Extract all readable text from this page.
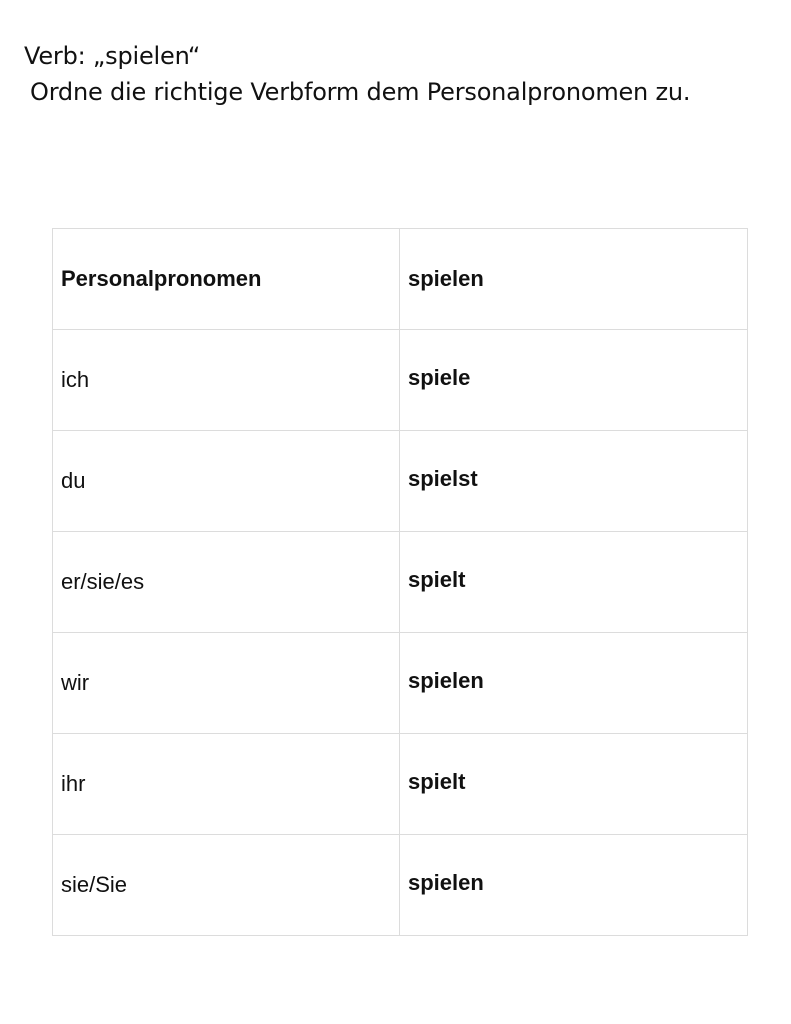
Verb: „spielen“
Ordne die richtige Verbform dem Personalpronomen zu.
Personalpronomen	spielen
ich	spiele
du	spielst
er/sie/es	spielt
wir	spielen
ihr	spielt
sie/Sie	spielen
